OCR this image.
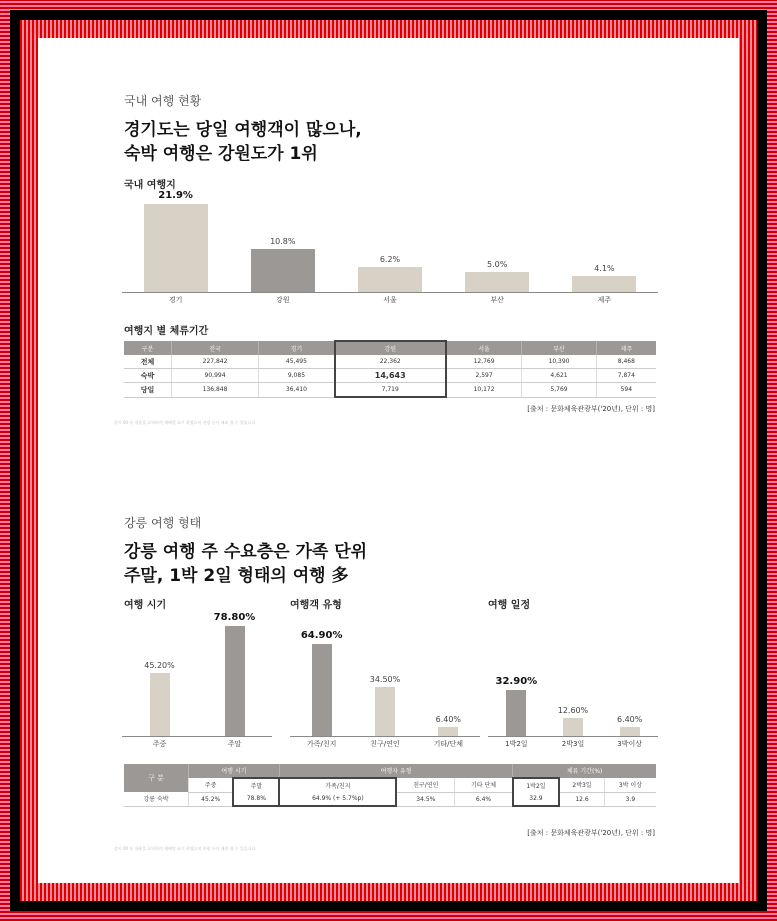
국내 여행 현황
경기도는 당일 여행객이 많으나,
숙박 여행은 강원도가 1위
국내 여행지
21.9%
경기
10.8%
강원
6.2%
서울
5.0%
부산
4.1%
제주
여행지 별 체류기간
구분	전국	경기	강원	서울	부산	제주
전체	227,842	45,495	22,362	12,769	10,390	8,468
숙박	90,994	9,085	14,643	2,597	4,621	7,874
당일	136,848	36,410	7,719	10,172	5,769	594
[출처 : 문화체육관광부('20년), 단위 : 명]
강이 00 등 내용을 요약하여 재배열 표기 하였으며 관광 등이 제외 될 수 있습니다.
강릉 여행 형태
강릉 여행 주 수요층은 가족 단위
주말, 1박 2일 형태의 여행 多
여행 시기	여행객 유형	여행 일정
45.20%
주중
78.80%
주말
64.90%
가족/친지
34.50%
친구/연인
6.40%
기타/단체
32.90%
1박2일
12.60%
2박3일
6.40%
3박이상
구 분	여행 시기		여행자 유형			체류 기간(%)		
	주중	주말	가족/친지	친구/연인	기타 단체	1박2일	2박3일	3박 이상
강릉 숙박	45.2%	78.8%	64.9% (+ 5.7%p)	34.5%	6.4%	32.9	12.6	3.9
[출처 : 문화체육관광부('20년), 단위 : 명]
강이 00 등 내용을 요약하여 재배열 표기 하였으며 관광 등이 제외 될 수 있습니다.
